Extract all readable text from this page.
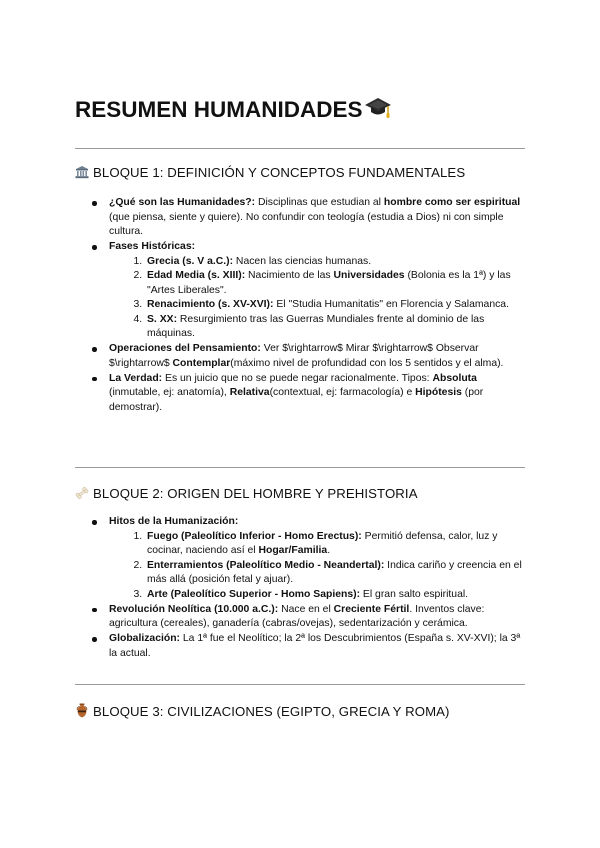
RESUMEN HUMANIDADES
BLOQUE 1: DEFINICIÓN Y CONCEPTOS FUNDAMENTALES
¿Qué son las Humanidades?: Disciplinas que estudian al hombre como ser espiritual (que piensa, siente y quiere). No confundir con teología (estudia a Dios) ni con simple cultura.
Fases Históricas:
1. Grecia (s. V a.C.): Nacen las ciencias humanas.
2. Edad Media (s. XIII): Nacimiento de las Universidades (Bolonia es la 1ª) y las "Artes Liberales".
3. Renacimiento (s. XV-XVI): El "Studia Humanitatis" en Florencia y Salamanca.
4. S. XX: Resurgimiento tras las Guerras Mundiales frente al dominio de las máquinas.
Operaciones del Pensamiento: Ver $\rightarrow$ Mirar $\rightarrow$ Observar $\rightarrow$ Contemplar(máximo nivel de profundidad con los 5 sentidos y el alma).
La Verdad: Es un juicio que no se puede negar racionalmente. Tipos: Absoluta (inmutable, ej: anatomía), Relativa(contextual, ej: farmacología) e Hipótesis (por demostrar).
BLOQUE 2: ORIGEN DEL HOMBRE Y PREHISTORIA
Hitos de la Humanización:
1. Fuego (Paleolítico Inferior - Homo Erectus): Permitió defensa, calor, luz y cocinar, naciendo así el Hogar/Familia.
2. Enterramientos (Paleolítico Medio - Neandertal): Indica cariño y creencia en el más allá (posición fetal y ajuar).
3. Arte (Paleolítico Superior - Homo Sapiens): El gran salto espiritual.
Revolución Neolítica (10.000 a.C.): Nace en el Creciente Fértil. Inventos clave: agricultura (cereales), ganadería (cabras/ovejas), sedentarización y cerámica.
Globalización: La 1ª fue el Neolítico; la 2ª los Descubrimientos (España s. XV-XVI); la 3ª la actual.
BLOQUE 3: CIVILIZACIONES (EGIPTO, GRECIA Y ROMA)
